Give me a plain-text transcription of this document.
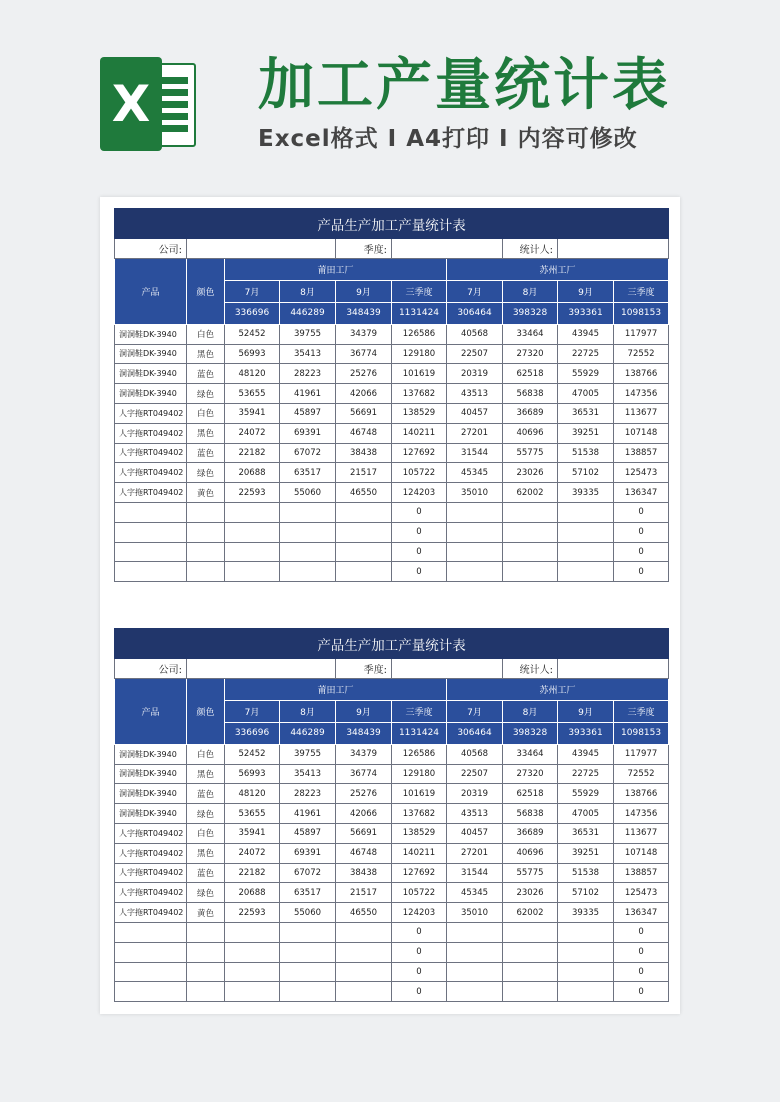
X 加工产量统计表
Excel格式 I A4打印 I 内容可修改
产品生产加工产量统计表									
公司:				季度:			统计人:		
产品	颜色	莆田工厂				苏州工厂			
		7月	8月	9月	三季度	7月	8月	9月	三季度
		336696	446289	348439	1131424	306464	398328	393361	1098153
洞洞鞋DK-3940	白色	52452	39755	34379	126586	40568	33464	43945	117977
洞洞鞋DK-3940	黑色	56993	35413	36774	129180	22507	27320	22725	72552
洞洞鞋DK-3940	蓝色	48120	28223	25276	101619	20319	62518	55929	138766
洞洞鞋DK-3940	绿色	53655	41961	42066	137682	43513	56838	47005	147356
人字拖RT049402	白色	35941	45897	56691	138529	40457	36689	36531	113677
人字拖RT049402	黑色	24072	69391	46748	140211	27201	40696	39251	107148
人字拖RT049402	蓝色	22182	67072	38438	127692	31544	55775	51538	138857
人字拖RT049402	绿色	20688	63517	21517	105722	45345	23026	57102	125473
人字拖RT049402	黄色	22593	55060	46550	124203	35010	62002	39335	136347
					0				0
					0				0
					0				0
					0				0
产品生产加工产量统计表									
公司:				季度:			统计人:		
产品	颜色	莆田工厂				苏州工厂			
		7月	8月	9月	三季度	7月	8月	9月	三季度
		336696	446289	348439	1131424	306464	398328	393361	1098153
洞洞鞋DK-3940	白色	52452	39755	34379	126586	40568	33464	43945	117977
洞洞鞋DK-3940	黑色	56993	35413	36774	129180	22507	27320	22725	72552
洞洞鞋DK-3940	蓝色	48120	28223	25276	101619	20319	62518	55929	138766
洞洞鞋DK-3940	绿色	53655	41961	42066	137682	43513	56838	47005	147356
人字拖RT049402	白色	35941	45897	56691	138529	40457	36689	36531	113677
人字拖RT049402	黑色	24072	69391	46748	140211	27201	40696	39251	107148
人字拖RT049402	蓝色	22182	67072	38438	127692	31544	55775	51538	138857
人字拖RT049402	绿色	20688	63517	21517	105722	45345	23026	57102	125473
人字拖RT049402	黄色	22593	55060	46550	124203	35010	62002	39335	136347
					0				0
					0				0
					0				0
					0				0
